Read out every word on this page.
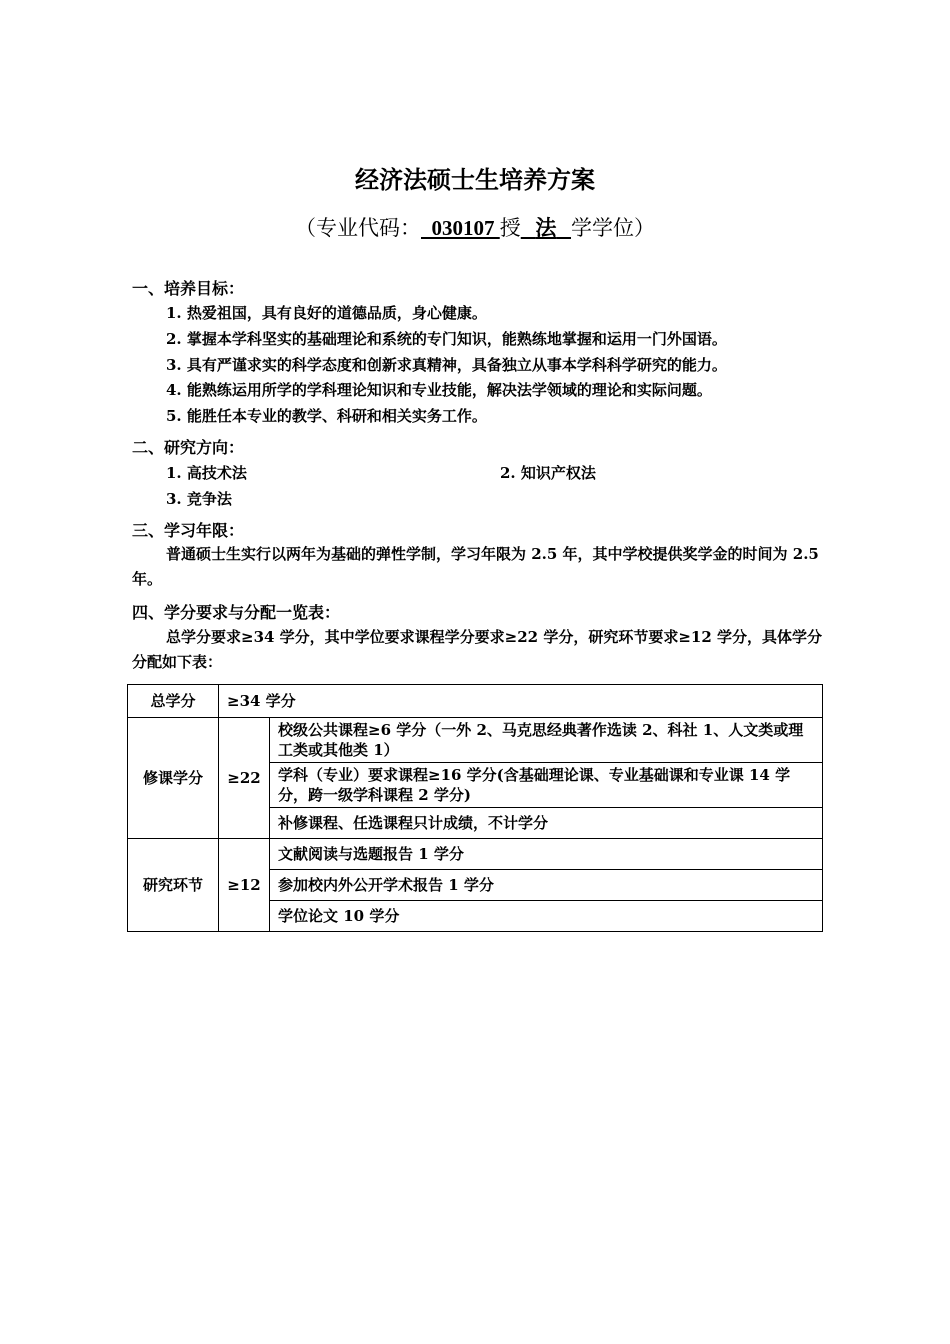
经济法硕士生培养方案
（专业代码： 030107 授 法 学学位）
一、培养目标：
1. 热爱祖国，具有良好的道德品质，身心健康。
2. 掌握本学科坚实的基础理论和系统的专门知识，能熟练地掌握和运用一门外国语。
3. 具有严谨求实的科学态度和创新求真精神，具备独立从事本学科科学研究的能力。
4. 能熟练运用所学的学科理论知识和专业技能，解决法学领域的理论和实际问题。
5. 能胜任本专业的教学、科研和相关实务工作。
二、研究方向：
1. 高技术法	2. 知识产权法
3. 竞争法
三、学习年限：
普通硕士生实行以两年为基础的弹性学制，学习年限为 2.5 年，其中学校提供奖学金的时间为 2.5 年。
四、学分要求与分配一览表：
总学分要求≥34 学分，其中学位要求课程学分要求≥22 学分，研究环节要求≥12 学分，具体学分分配如下表：
总学分	≥34 学分	
修课学分	≥22	校级公共课程≥6 学分（一外 2、马克思经典著作选读 2、科社 1、人文类或理工类或其他类 1）
		学科（专业）要求课程≥16 学分(含基础理论课、专业基础课和专业课 14 学分，跨一级学科课程 2 学分)
		补修课程、任选课程只计成绩，不计学分
研究环节	≥12	文献阅读与选题报告 1 学分
		参加校内外公开学术报告 1 学分
		学位论文 10 学分
